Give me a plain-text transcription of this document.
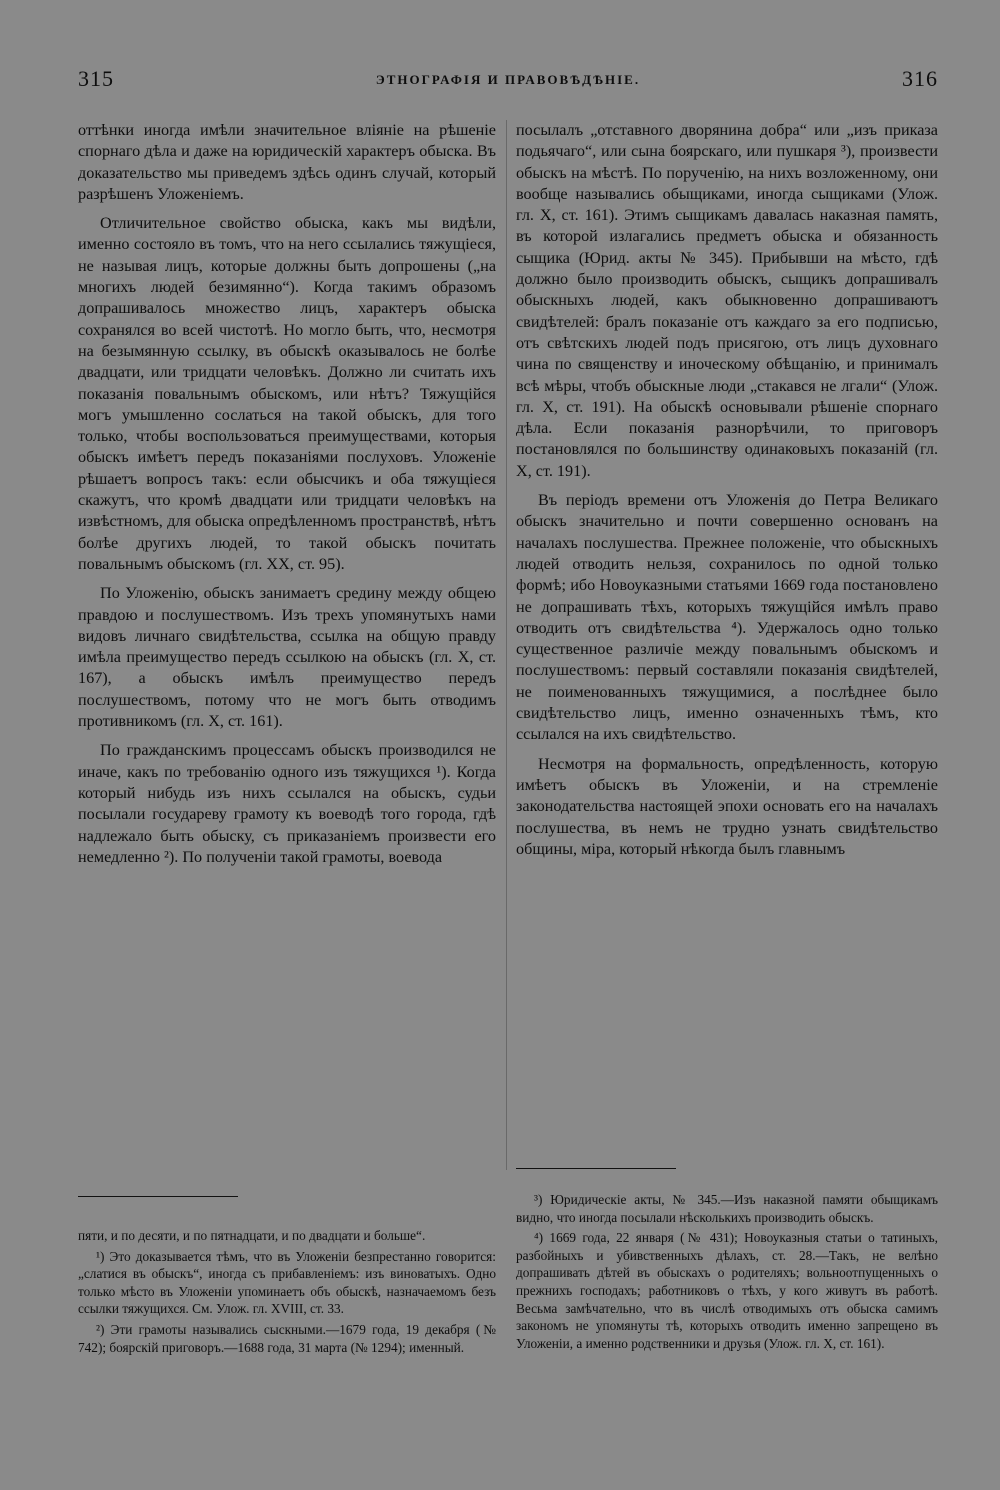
315	ЭТНОГРАФІЯ И ПРАВОВѢДѢНІЕ.	316

оттѣнки иногда имѣли значительное вліяніе на рѣшеніе спорнаго дѣла и даже на юридическій характеръ обыска. Въ доказательство мы приведемъ здѣсь одинъ случай, который разрѣшенъ Уложеніемъ.

Отличительное свойство обыска, какъ мы видѣли, именно состояло въ томъ, что на него ссылались тяжущіеся, не называя лицъ, которые должны быть допрошены („на многихъ людей безимянно“). Когда такимъ образомъ допрашивалось множество лицъ, характеръ обыска сохранялся во всей чистотѣ. Но могло быть, что, несмотря на безымянную ссылку, въ обыскѣ оказывалось не болѣе двадцати, или тридцати человѣкъ. Должно ли считать ихъ показанія повальнымъ обыскомъ, или нѣтъ? Тяжущійся могъ умышленно сослаться на такой обыскъ, для того только, чтобы воспользоваться преимуществами, которыя обыскъ имѣетъ передъ показаніями послуховъ. Уложеніе рѣшаетъ вопросъ такъ: если обысчикъ и оба тяжущіеся скажутъ, что кромѣ двадцати или тридцати человѣкъ на извѣстномъ, для обыска опредѣленномъ пространствѣ, нѣтъ болѣе другихъ людей, то такой обыскъ почитать повальнымъ обыскомъ (гл. XX, ст. 95).

По Уложенію, обыскъ занимаетъ средину между общею правдою и послушествомъ. Изъ трехъ упомянутыхъ нами видовъ личнаго свидѣтельства, ссылка на общую правду имѣла преимущество передъ ссылкою на обыскъ (гл. X, ст. 167), а обыскъ имѣлъ преимущество передъ послушествомъ, потому что не могъ быть отводимъ противникомъ (гл. X, ст. 161).

По гражданскимъ процессамъ обыскъ производился не иначе, какъ по требованію одного изъ тяжущихся ¹). Когда который нибудь изъ нихъ ссылался на обыскъ, судьи посылали государеву грамоту къ воеводѣ того города, гдѣ надлежало быть обыску, съ приказаніемъ произвести его немедленно ²). По полученіи такой грамоты, воевода

посылалъ „отставного дворянина добра“ или „изъ приказа подьячаго“, или сына боярскаго, или пушкаря ³), произвести обыскъ на мѣстѣ. По порученію, на нихъ возложенному, они вообще назывались обыщиками, иногда сыщиками (Улож. гл. X, ст. 161). Этимъ сыщикамъ давалась наказная память, въ которой излагались предметъ обыска и обязанность сыщика (Юрид. акты № 345). Прибывши на мѣсто, гдѣ должно было производить обыскъ, сыщикъ допрашивалъ обыскныхъ людей, какъ обыкновенно допрашиваютъ свидѣтелей: бралъ показаніе отъ каждаго за его подписью, отъ свѣтскихъ людей подъ присягою, отъ лицъ духовнаго чина по священству и иноческому обѣщанію, и принималъ всѣ мѣры, чтобъ обыскные люди „стакався не лгали“ (Улож. гл. X, ст. 191). На обыскѣ основывали рѣшеніе спорнаго дѣла. Если показанія разнорѣчили, то приговоръ постановлялся по большинству одинаковыхъ показаній (гл. X, ст. 191).

Въ періодъ времени отъ Уложенія до Петра Великаго обыскъ значительно и почти совершенно основанъ на началахъ послушества. Прежнее положеніе, что обыскныхъ людей отводить нельзя, сохранилось по одной только формѣ; ибо Новоуказными статьями 1669 года постановлено не допрашивать тѣхъ, которыхъ тяжущійся имѣлъ право отводить отъ свидѣтельства ⁴). Удержалось одно только существенное различіе между повальнымъ обыскомъ и послушествомъ: первый составляли показанія свидѣтелей, не поименованныхъ тяжущимися, а послѣднее было свидѣтельство лицъ, именно означенныхъ тѣмъ, кто ссылался на ихъ свидѣтельство.

Несмотря на формальность, опредѣленность, которую имѣетъ обыскъ въ Уложеніи, и на стремленіе законодательства настоящей эпохи основать его на началахъ послушества, въ немъ не трудно узнать свидѣтельство общины, міра, который нѣкогда былъ главнымъ

пяти, и по десяти, и по пятнадцати, и по двадцати и больше“.

¹) Это доказывается тѣмъ, что въ Уложеніи безпрестанно говорится: „слатися въ обыскъ“, иногда съ прибавленіемъ: изъ виноватыхъ. Одно только мѣсто въ Уложеніи упоминаетъ объ обыскѣ, назначаемомъ безъ ссылки тяжущихся. См. Улож. гл. XVIII, ст. 33.

²) Эти грамоты назывались сыскными.—1679 года, 19 декабря (№ 742); боярскій приговоръ.—1688 года, 31 марта (№ 1294); именный.

³) Юридическіе акты, № 345.—Изъ наказной памяти обыщикамъ видно, что иногда посылали нѣсколькихъ производить обыскъ.

⁴) 1669 года, 22 января (№ 431); Новоуказныя статьи о татиныхъ, разбойныхъ и убивственныхъ дѣлахъ, ст. 28.—Такъ, не велѣно допрашивать дѣтей въ обыскахъ о родителяхъ; вольноотпущенныхъ о прежнихъ господахъ; работниковъ о тѣхъ, у кого живутъ въ работѣ. Весьма замѣчательно, что въ числѣ отводимыхъ отъ обыска самимъ закономъ не упомянуты тѣ, которыхъ отводить именно запрещено въ Уложеніи, а именно родственники и друзья (Улож. гл. X, ст. 161).
